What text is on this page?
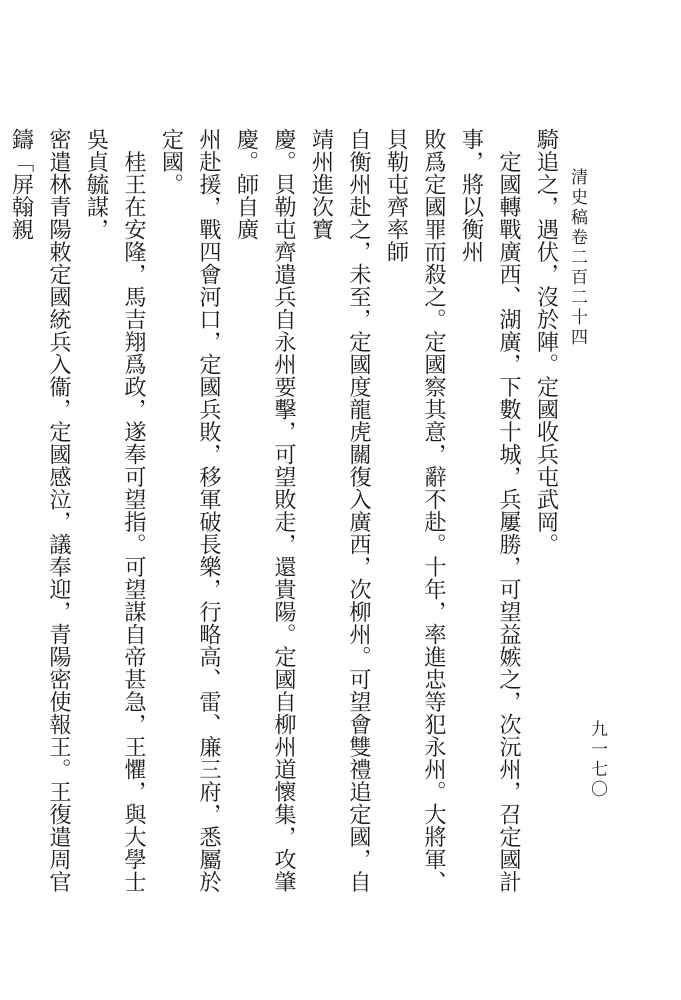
清史稿卷二百二十四
九一七〇
騎追之，遇伏，沒於陣。定國收兵屯武岡。
　定國轉戰廣西、湖廣，下數十城，兵屢勝，可望益嫉之，次沅州，召定國計事，將以衡州
敗爲定國罪而殺之。定國察其意，辭不赴。十年，率進忠等犯永州。大將軍、貝勒屯齊率師
自衡州赴之，未至，定國度龍虎關復入廣西，次柳州。可望會雙禮追定國，自靖州進次寶
慶。貝勒屯齊遣兵自永州要擊，可望敗走，還貴陽。定國自柳州道懷集，攻肇慶。師自廣
州赴援，戰四會河口，定國兵敗，移軍破長樂，行略高、雷、廉三府，悉屬於定國。
　桂王在安隆，馬吉翔爲政，遂奉可望指。可望謀自帝甚急，王懼，與大學士吳貞毓謀，
密遣林青陽敕定國統兵入衞，定國感泣，議奉迎，青陽密使報王。王復遣周官鑄「屏翰親
